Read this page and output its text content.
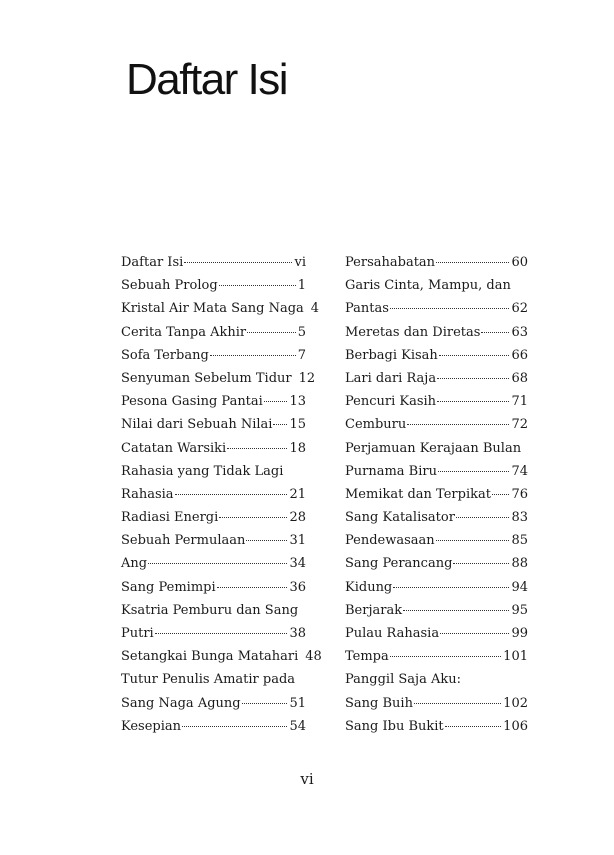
Daftar Isi
Daftar Isi	vi
Sebuah Prolog	1
Kristal Air Mata Sang Naga 4
Cerita Tanpa Akhir	5
Sofa Terbang	7
Senyuman Sebelum Tidur 12
Pesona Gasing Pantai 13
Nilai dari Sebuah Nilai 15
Catatan Warsiki	18
Rahasia yang Tidak Lagi
Rahasia	21
Radiasi Energi	28
Sebuah Permulaan	31
Ang	34
Sang Pemimpi	36
Ksatria Pemburu dan Sang
Putri	38
Setangkai Bunga Matahari 48
Tutur Penulis Amatir pada
Sang Naga Agung	51
Kesepian	54
Persahabatan	60
Garis Cinta, Mampu, dan
Pantas	62
Meretas dan Diretas 63
Berbagi Kisah	66
Lari dari Raja	68
Pencuri Kasih	71
Cemburu	72
Perjamuan Kerajaan Bulan
Purnama Biru	74
Memikat dan Terpikat 76
Sang Katalisator	83
Pendewasaan	85
Sang Perancang	88
Kidung	94
Berjarak	95
Pulau Rahasia	99
Tempa	101
Panggil Saja Aku:
Sang Buih	102
Sang Ibu Bukit	106
vi
